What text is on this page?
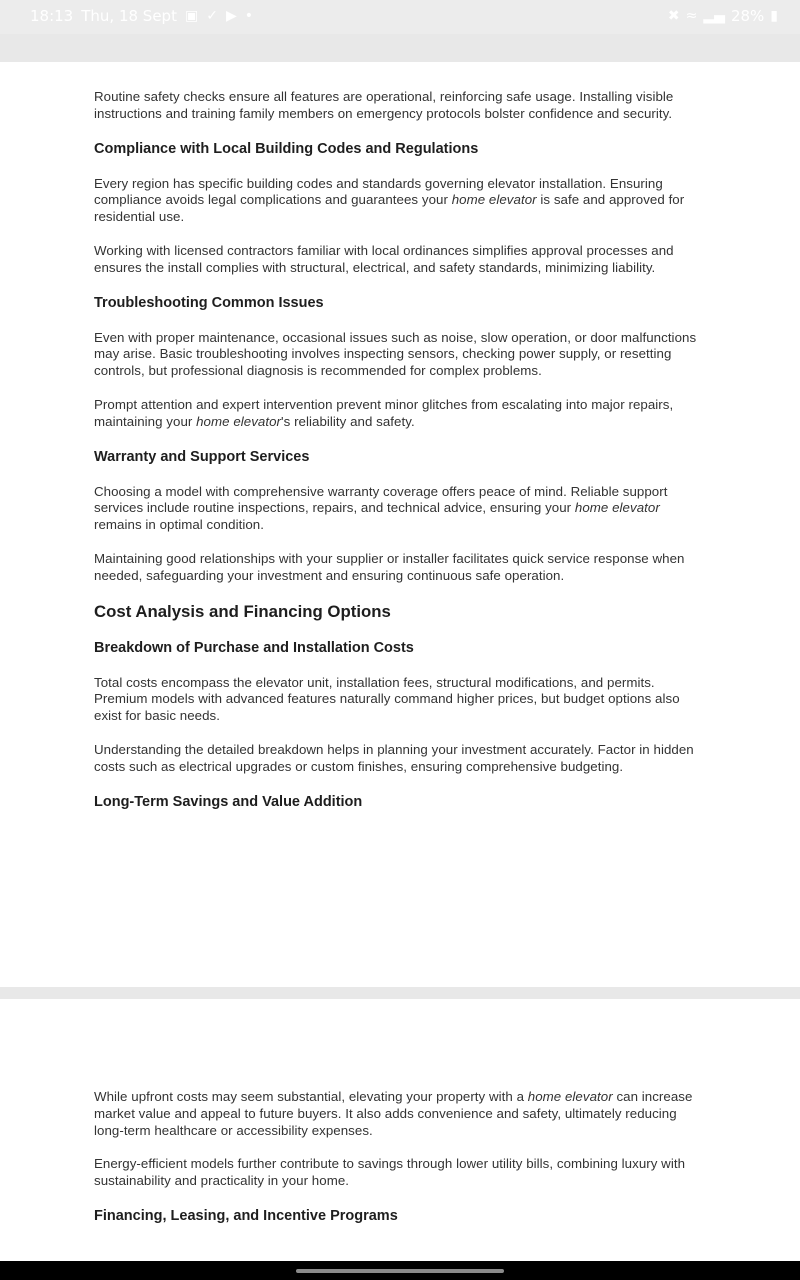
18:13 Thu, 18 Sept ▣ ✓ ▶ •	✖ ≈ ▂▄ 28% ▮

Routine safety checks ensure all features are operational, reinforcing safe usage. Installing visible instructions and training family members on emergency protocols bolster confidence and security.

Compliance with Local Building Codes and Regulations

Every region has specific building codes and standards governing elevator installation. Ensuring compliance avoids legal complications and guarantees your home elevator is safe and approved for residential use.

Working with licensed contractors familiar with local ordinances simplifies approval processes and ensures the install complies with structural, electrical, and safety standards, minimizing liability.

Troubleshooting Common Issues

Even with proper maintenance, occasional issues such as noise, slow operation, or door malfunctions may arise. Basic troubleshooting involves inspecting sensors, checking power supply, or resetting controls, but professional diagnosis is recommended for complex problems.

Prompt attention and expert intervention prevent minor glitches from escalating into major repairs, maintaining your home elevator's reliability and safety.

Warranty and Support Services

Choosing a model with comprehensive warranty coverage offers peace of mind. Reliable support services include routine inspections, repairs, and technical advice, ensuring your home elevator remains in optimal condition.

Maintaining good relationships with your supplier or installer facilitates quick service response when needed, safeguarding your investment and ensuring continuous safe operation.

Cost Analysis and Financing Options
Breakdown of Purchase and Installation Costs

Total costs encompass the elevator unit, installation fees, structural modifications, and permits. Premium models with advanced features naturally command higher prices, but budget options also exist for basic needs.

Understanding the detailed breakdown helps in planning your investment accurately. Factor in hidden costs such as electrical upgrades or custom finishes, ensuring comprehensive budgeting.

Long-Term Savings and Value Addition

While upfront costs may seem substantial, elevating your property with a home elevator can increase market value and appeal to future buyers. It also adds convenience and safety, ultimately reducing long-term healthcare or accessibility expenses.

Energy-efficient models further contribute to savings through lower utility bills, combining luxury with sustainability and practicality in your home.

Financing, Leasing, and Incentive Programs
